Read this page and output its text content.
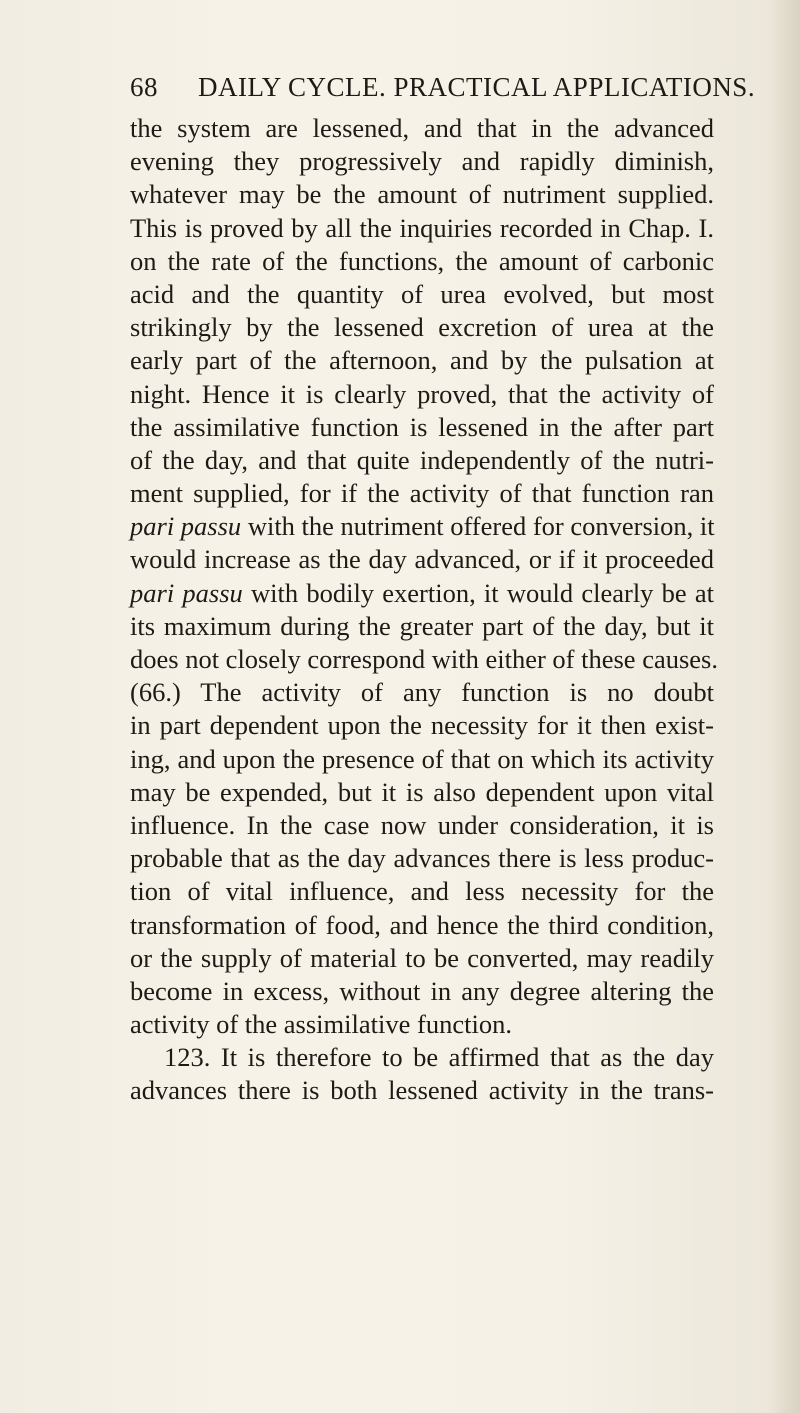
68 DAILY CYCLE. PRACTICAL APPLICATIONS.
the system are lessened, and that in the advanced
evening they progressively and rapidly diminish,
whatever may be the amount of nutriment supplied.
This is proved by all the inquiries recorded in Chap. I.
on the rate of the functions, the amount of carbonic
acid and the quantity of urea evolved, but most
strikingly by the lessened excretion of urea at the
early part of the afternoon, and by the pulsation at
night. Hence it is clearly proved, that the activity of
the assimilative function is lessened in the after part
of the day, and that quite independently of the nutri-
ment supplied, for if the activity of that function ran
pari passu with the nutriment offered for conversion, it
would increase as the day advanced, or if it proceeded
pari passu with bodily exertion, it would clearly be at
its maximum during the greater part of the day, but it
does not closely correspond with either of these causes.
(66.) The activity of any function is no doubt
in part dependent upon the necessity for it then exist-
ing, and upon the presence of that on which its activity
may be expended, but it is also dependent upon vital
influence. In the case now under consideration, it is
probable that as the day advances there is less produc-
tion of vital influence, and less necessity for the
transformation of food, and hence the third condition,
or the supply of material to be converted, may readily
become in excess, without in any degree altering the
activity of the assimilative function.
123. It is therefore to be affirmed that as the day
advances there is both lessened activity in the trans-
